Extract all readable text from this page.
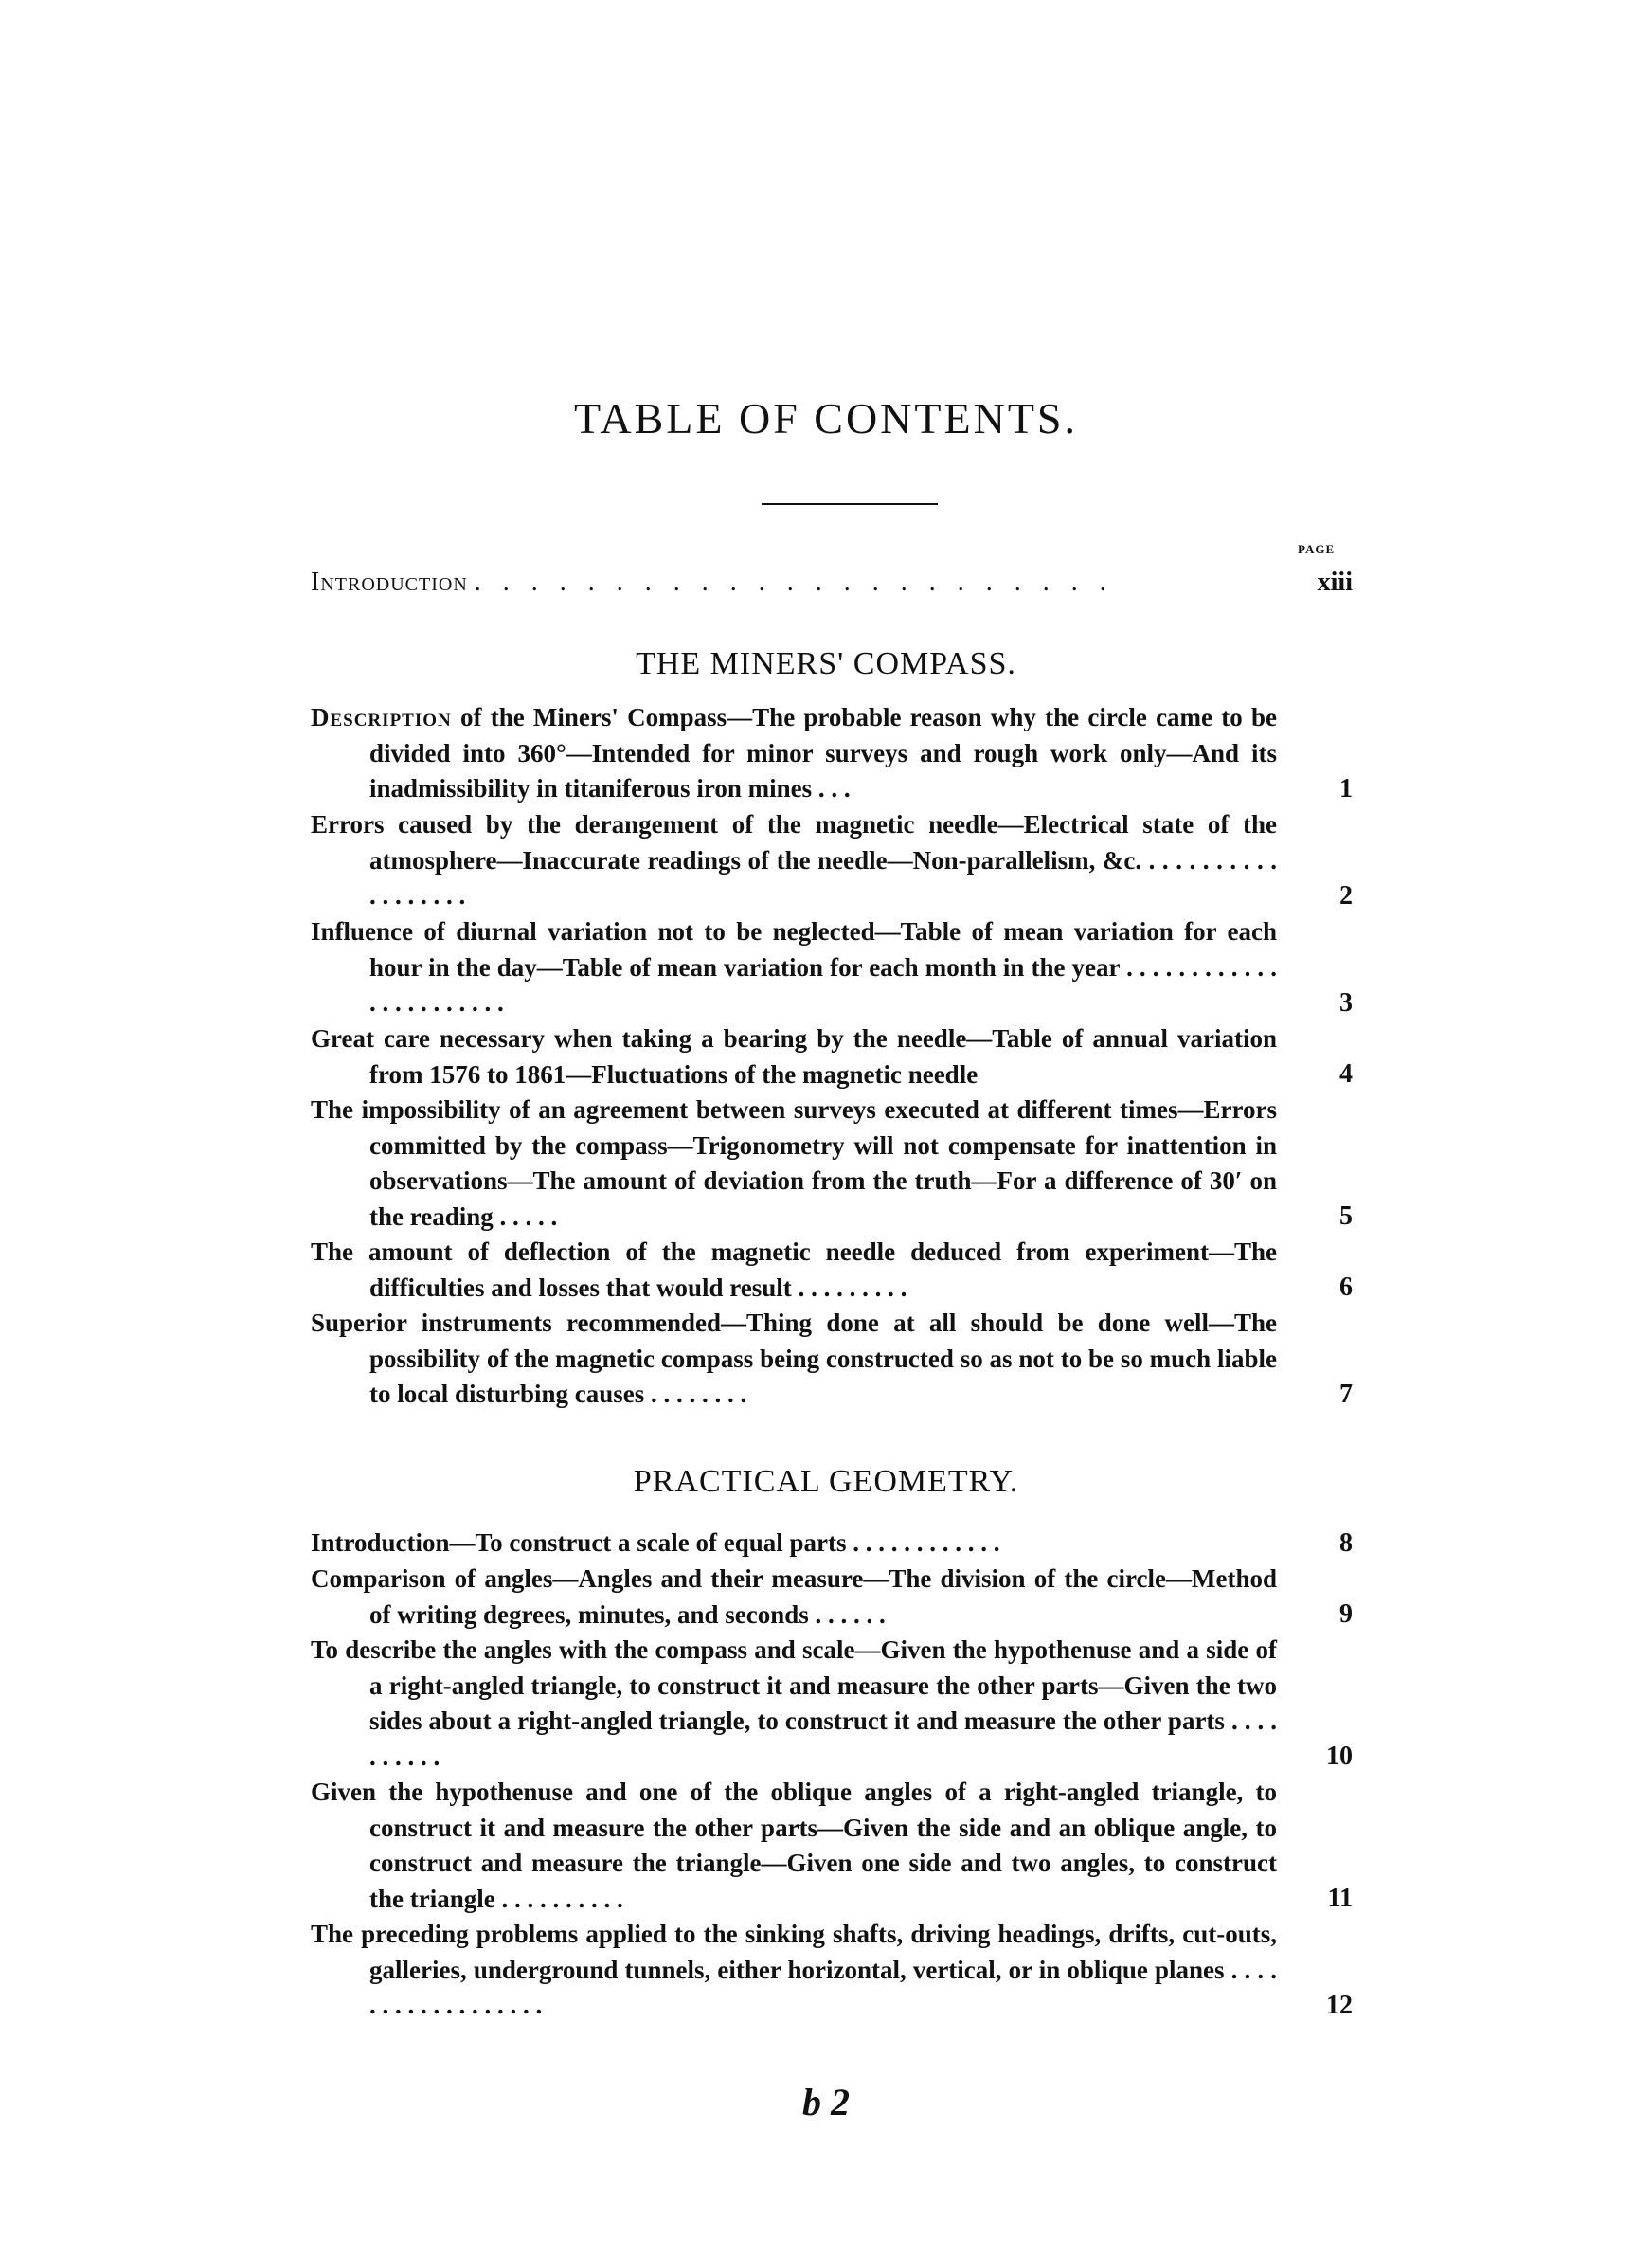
TABLE OF CONTENTS.
PAGE
Introduction . . . . . . . . . . . . . . . . . . . . . . .	xiii
THE MINERS' COMPASS.
Description of the Miners' Compass—The probable reason why the circle came to be divided into 360°—Intended for minor surveys and rough work only—And its inadmissibility in titaniferous iron mines . . .	1
Errors caused by the derangement of the magnetic needle—Electrical state of the atmosphere—Inaccurate readings of the needle—Non-parallelism, &c. . . . . . . . . . . . . . . . . . .	2
Influence of diurnal variation not to be neglected—Table of mean variation for each hour in the day—Table of mean variation for each month in the year . . . . . . . . . . . . . . . . . . . . . . .	3
Great care necessary when taking a bearing by the needle—Table of annual variation from 1576 to 1861—Fluctuations of the magnetic needle	4
The impossibility of an agreement between surveys executed at different times—Errors committed by the compass—Trigonometry will not compensate for inattention in observations—The amount of deviation from the truth—For a difference of 30′ on the reading . . . . .	5
The amount of deflection of the magnetic needle deduced from experiment—The difficulties and losses that would result . . . . . . . . .	6
Superior instruments recommended—Thing done at all should be done well—The possibility of the magnetic compass being constructed so as not to be so much liable to local disturbing causes . . . . . . . .	7
PRACTICAL GEOMETRY.
Introduction—To construct a scale of equal parts . . . . . . . . . . . .	8
Comparison of angles—Angles and their measure—The division of the circle—Method of writing degrees, minutes, and seconds . . . . . .	9
To describe the angles with the compass and scale—Given the hypothenuse and a side of a right-angled triangle, to construct it and measure the other parts—Given the two sides about a right-angled triangle, to construct it and measure the other parts . . . . . . . . . .	10
Given the hypothenuse and one of the oblique angles of a right-angled triangle, to construct it and measure the other parts—Given the side and an oblique angle, to construct and measure the triangle—Given one side and two angles, to construct the triangle . . . . . . . . . .	11
The preceding problems applied to the sinking shafts, driving headings, drifts, cut-outs, galleries, underground tunnels, either horizontal, vertical, or in oblique planes . . . . . . . . . . . . . . . . . .	12
b 2
